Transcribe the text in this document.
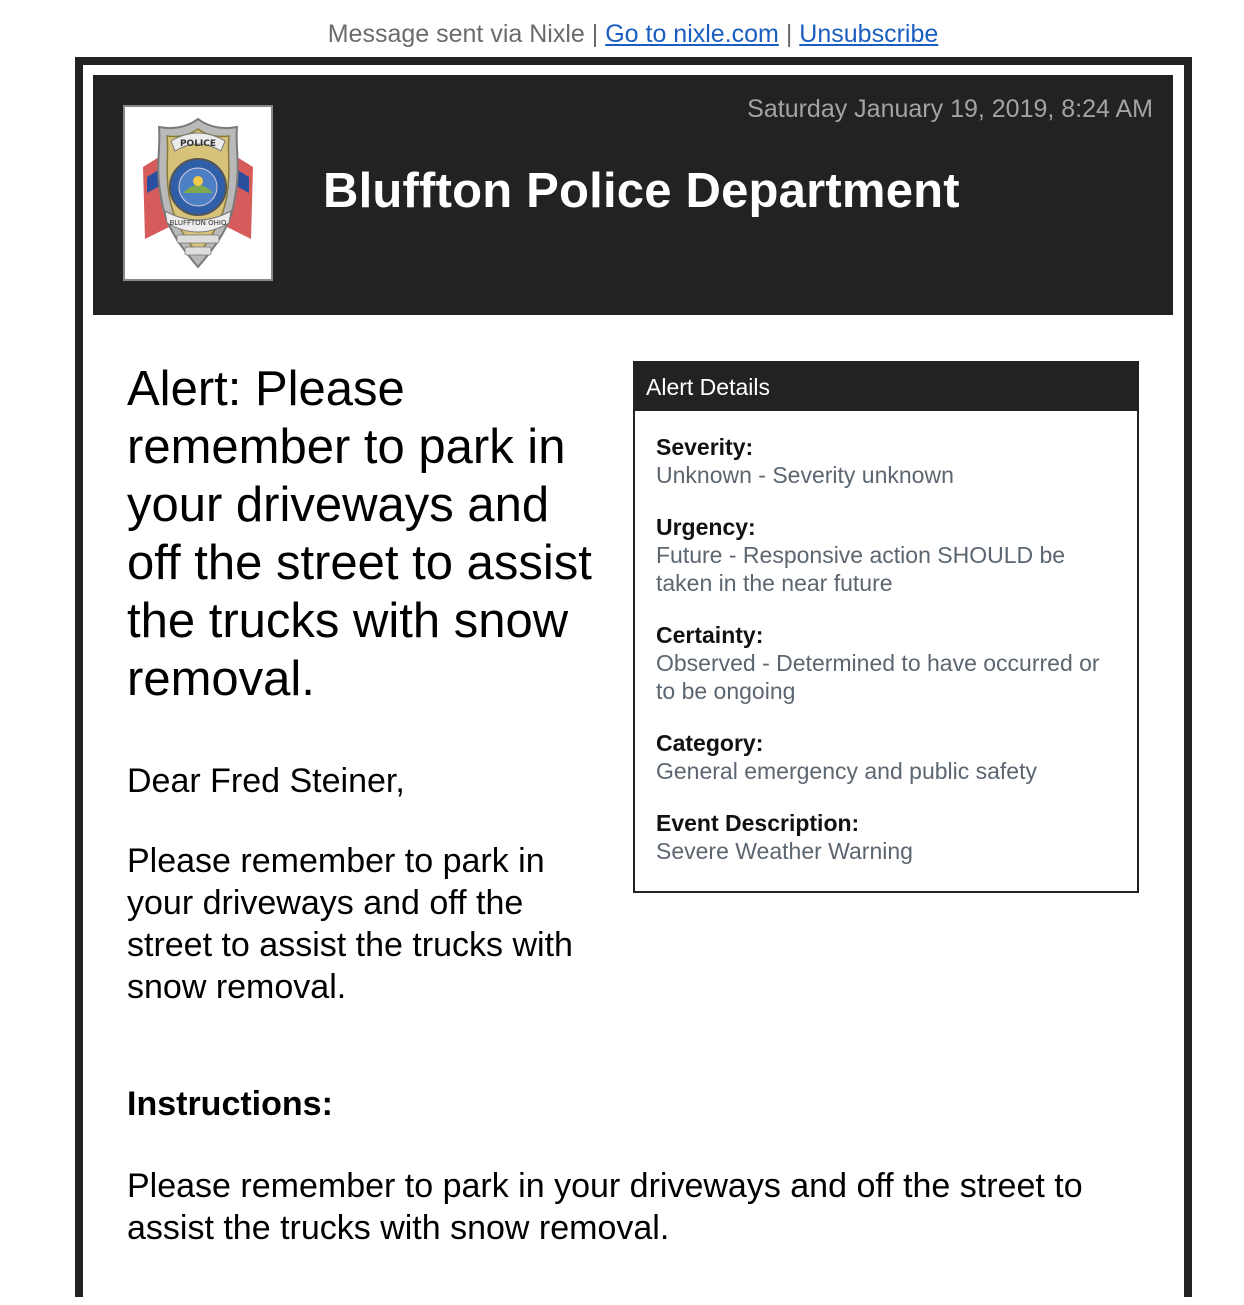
Message sent via Nixle | Go to nixle.com | Unsubscribe
POLICE
BLUFFTON OHIO
Saturday January 19, 2019, 8:24 AM
Bluffton Police Department
Alert: Please remember to park in your driveways and off the street to assist the trucks with snow removal.
Dear Fred Steiner,
Please remember to park in your driveways and off the street to assist the trucks with snow removal.
Instructions:
Please remember to park in your driveways and off the street to assist the trucks with snow removal.
Alert Details
Severity:
Unknown - Severity unknown
Urgency:
Future - Responsive action SHOULD be taken in the near future
Certainty:
Observed - Determined to have occurred or to be ongoing
Category:
General emergency and public safety
Event Description:
Severe Weather Warning
